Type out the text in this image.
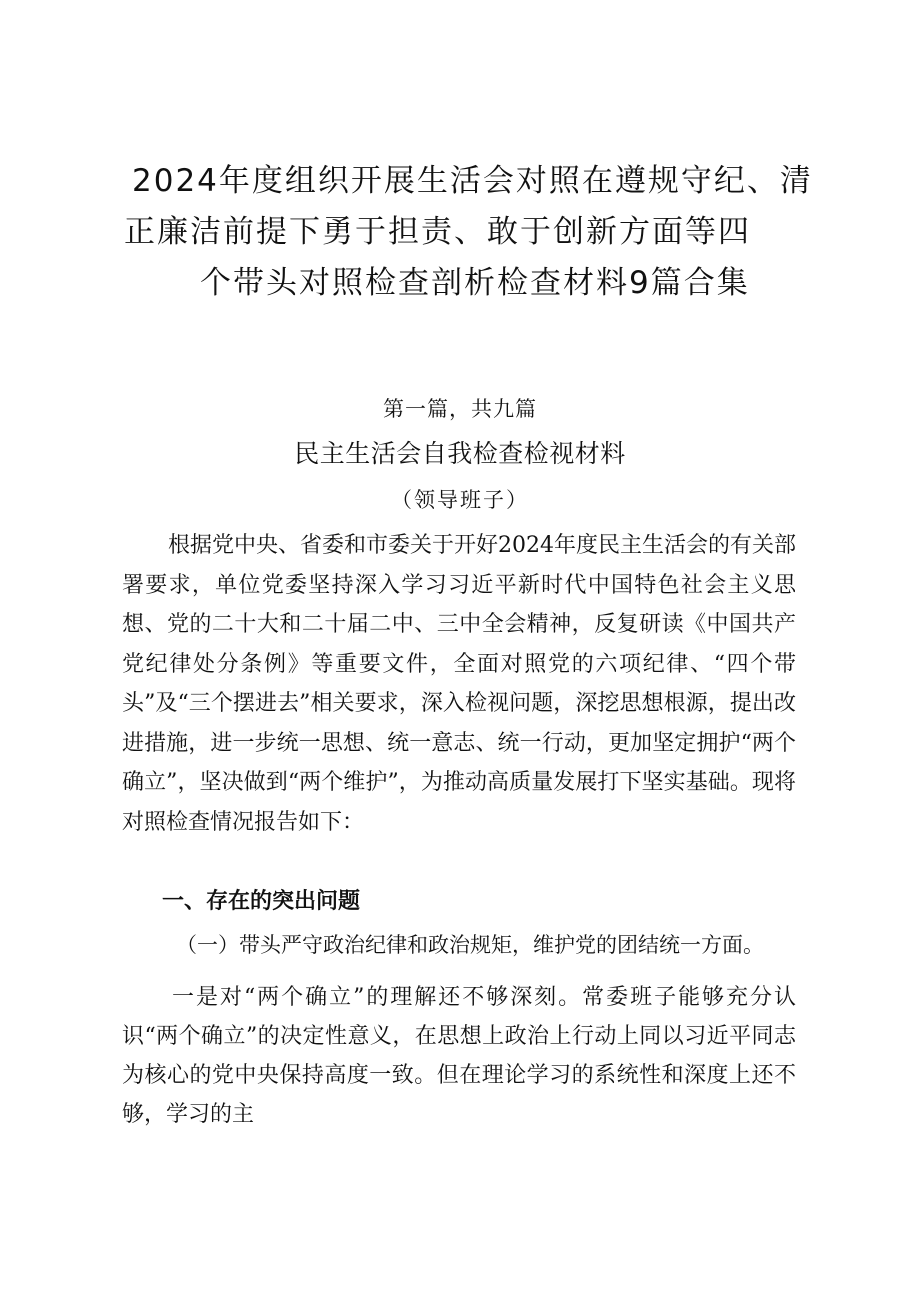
2024年度组织开展生活会对照在遵规守纪、清
正廉洁前提下勇于担责、敢于创新方面等四
个带头对照检查剖析检查材料9篇合集
第一篇，共九篇
民主生活会自我检查检视材料
（领导班子）

根据党中央、省委和市委关于开好2024年度民主生活会的有关部署要求，单位党委坚持深入学习习近平新时代中国特色社会主义思想、党的二十大和二十届二中、三中全会精神，反复研读《中国共产党纪律处分条例》等重要文件，全面对照党的六项纪律、“四个带头”及“三个摆进去”相关要求，深入检视问题，深挖思想根源，提出改进措施，进一步统一思想、统一意志、统一行动，更加坚定拥护“两个确立”，坚决做到“两个维护”，为推动高质量发展打下坚实基础。现将对照检查情况报告如下：

一、存在的突出问题

（一）带头严守政治纪律和政治规矩，维护党的团结统一方面。

一是对“两个确立”的理解还不够深刻。常委班子能够充分认识“两个确立”的决定性意义，在思想上政治上行动上同以习近平同志为核心的党中央保持高度一致。但在理论学习的系统性和深度上还不够，学习的主
